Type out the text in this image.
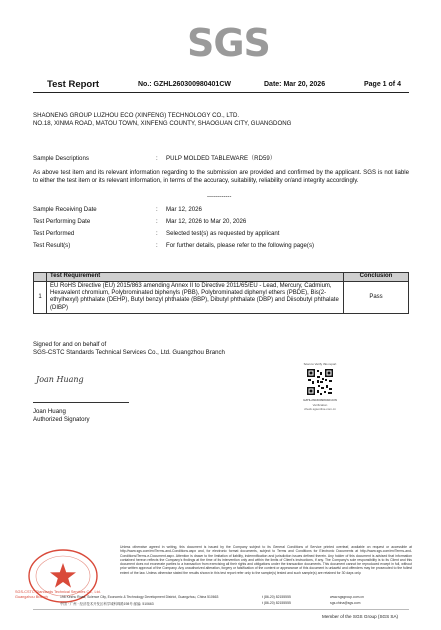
SGS
Test Report	No.: GZHL260300980401CW	Date: Mar 20, 2026	Page 1 of 4
SHAONENG GROUP LUZHOU ECO (XINFENG) TECHNOLOGY CO., LTD.
NO.18, XINMA ROAD, MATOU TOWN, XINFENG COUNTY, SHAOGUAN CITY, GUANGDONG
Sample Descriptions	: PULP MOLDED TABLEWARE（RD59）
As above test item and its relevant information regarding to the submission are provided and confirmed by the applicant. SGS is not liable to either the test item or its relevant information, in terms of the accuracy, suitability, reliability or/and integrity accordingly.
------------
Sample Receiving Date	: Mar 12, 2026
Test Performing Date	: Mar 12, 2026 to Mar 20, 2026
Test Performed	: Selected test(s) as requested by applicant
Test Result(s)	: For further details, please refer to the following page(s)
	Test Requirement	Conclusion
1	EU RoHS Directive (EU) 2015/863 amending Annex II to Directive 2011/65/EU - Lead, Mercury, Cadmium, Hexavalent chromium, Polybrominated biphenyls (PBB), Polybrominated diphenyl ethers (PBDE), Bis(2-ethylhexyl) phthalate (DEHP), Butyl benzyl phthalate (BBP), Dibutyl phthalate (DBP) and Diisobutyl phthalate (DIBP)	Pass
Signed for and on behalf of
SGS-CSTC Standards Technical Services Co., Ltd. Guangzhou Branch
Joan Huang
Joan Huang
Authorized Signatory
Scan to Verify this report
GZHL260300980401CW
Verification
check.sgsonline.com.cn
SGS-CSTC Standards Technical Services Co., Ltd. Guangzhou Branch
Unless otherwise agreed in writing, this document is issued by the Company subject to its General Conditions of Service printed overleaf, available on request or accessible at http://www.sgs.com/en/Terms-and-Conditions.aspx and, for electronic format documents, subject to Terms and Conditions for Electronic Documents at http://www.sgs.com/en/Terms-and-Conditions/Terms-e-Document.aspx. Attention is drawn to the limitation of liability, indemnification and jurisdiction issues defined therein. Any holder of this document is advised that information contained hereon reflects the Company's findings at the time of its intervention only and within the limits of Client's instructions, if any. The Company's sole responsibility is to its Client and this document does not exonerate parties to a transaction from exercising all their rights and obligations under the transaction documents. This document cannot be reproduced except in full, without prior written approval of the Company. Any unauthorized alteration, forgery or falsification of the content or appearance of this document is unlawful and offenders may be prosecuted to the fullest extent of the law. Unless otherwise stated the results shown in this test report refer only to the sample(s) tested and such sample(s) are retained for 30 days only.
198 Kezhu Road, Science City, Economic & Technology Development District, Guangzhou, China 510663
中国 · 广州 · 经济技术开发区科学城科珠路198号 邮编: 510663
t (86-20) 82155555
t (86-20) 82155555
www.sgsgroup.com.cn
sgs.china@sgs.com
Member of the SGS Group (SGS SA)
